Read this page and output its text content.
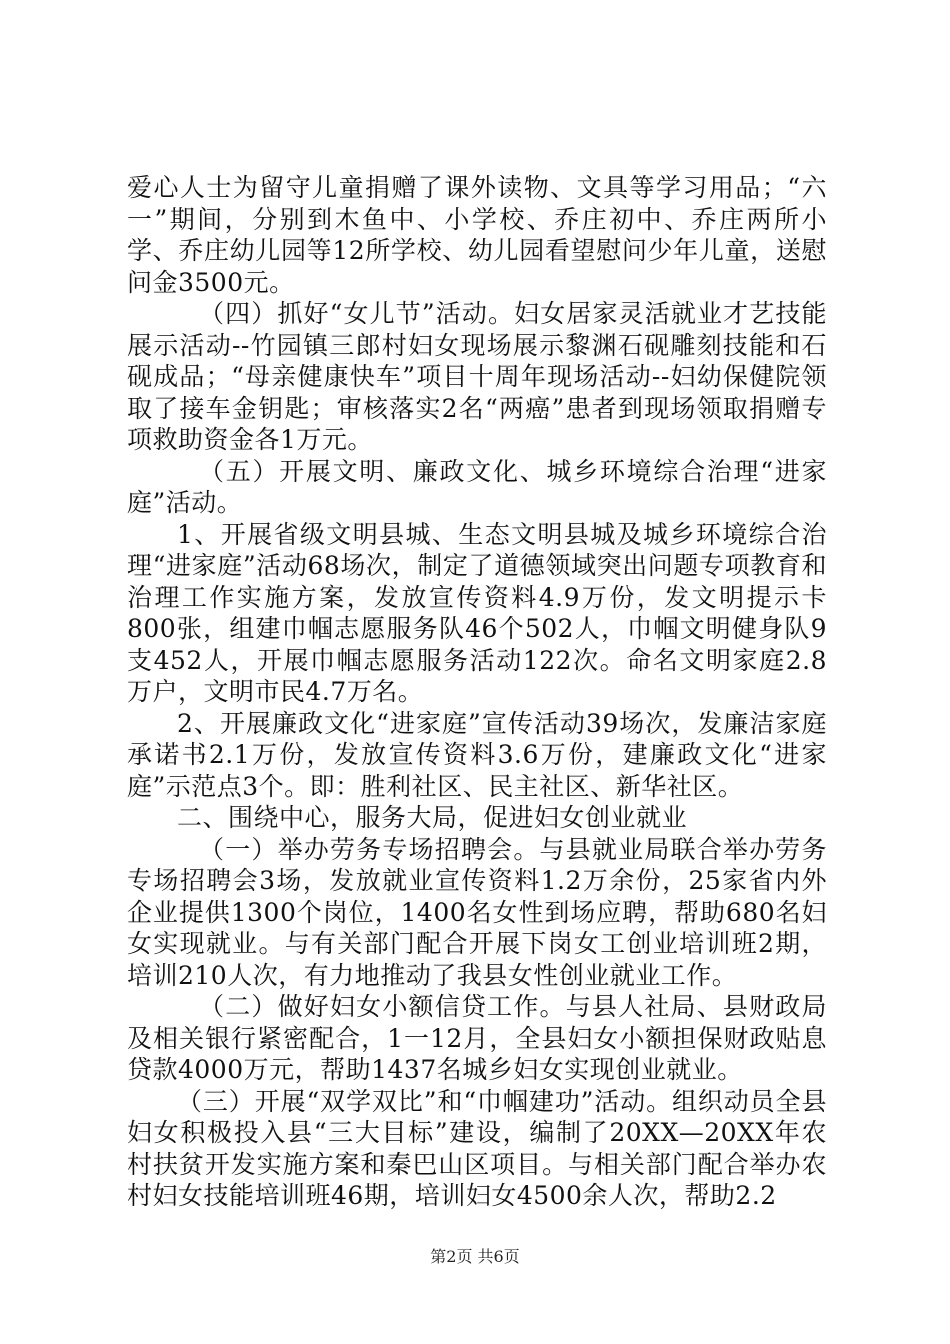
爱心人士为留守儿童捐赠了课外读物、文具等学习用品；“六一”期间，分别到木鱼中、小学校、乔庄初中、乔庄两所小学、乔庄幼儿园等12所学校、幼儿园看望慰问少年儿童，送慰问金3500元。

（四）抓好“女儿节”活动。妇女居家灵活就业才艺技能展示活动--竹园镇三郎村妇女现场展示黎渊石砚雕刻技能和石砚成品；“母亲健康快车”项目十周年现场活动--妇幼保健院领取了接车金钥匙；审核落实2名“两癌”患者到现场领取捐赠专项救助资金各1万元。

（五）开展文明、廉政文化、城乡环境综合治理“进家庭”活动。

1、开展省级文明县城、生态文明县城及城乡环境综合治理“进家庭”活动68场次，制定了道德领域突出问题专项教育和治理工作实施方案，发放宣传资料4.9万份，发文明提示卡800张，组建巾帼志愿服务队46个502人，巾帼文明健身队9支452人，开展巾帼志愿服务活动122次。命名文明家庭2.8万户，文明市民4.7万名。

2、开展廉政文化“进家庭”宣传活动39场次，发廉洁家庭承诺书2.1万份，发放宣传资料3.6万份，建廉政文化“进家庭”示范点3个。即：胜利社区、民主社区、新华社区。

二、围绕中心，服务大局，促进妇女创业就业

（一）举办劳务专场招聘会。与县就业局联合举办劳务专场招聘会3场，发放就业宣传资料1.2万余份，25家省内外企业提供1300个岗位，1400名女性到场应聘，帮助680名妇女实现就业。与有关部门配合开展下岗女工创业培训班2期，培训210人次，有力地推动了我县女性创业就业工作。

（二）做好妇女小额信贷工作。与县人社局、县财政局及相关银行紧密配合，1一12月，全县妇女小额担保财政贴息贷款4000万元，帮助1437名城乡妇女实现创业就业。

（三）开展“双学双比”和“巾帼建功”活动。组织动员全县妇女积极投入县“三大目标”建设，编制了20XX—20XX年农村扶贫开发实施方案和秦巴山区项目。与相关部门配合举办农村妇女技能培训班46期，培训妇女4500余人次，帮助2.2

第2页 共6页
